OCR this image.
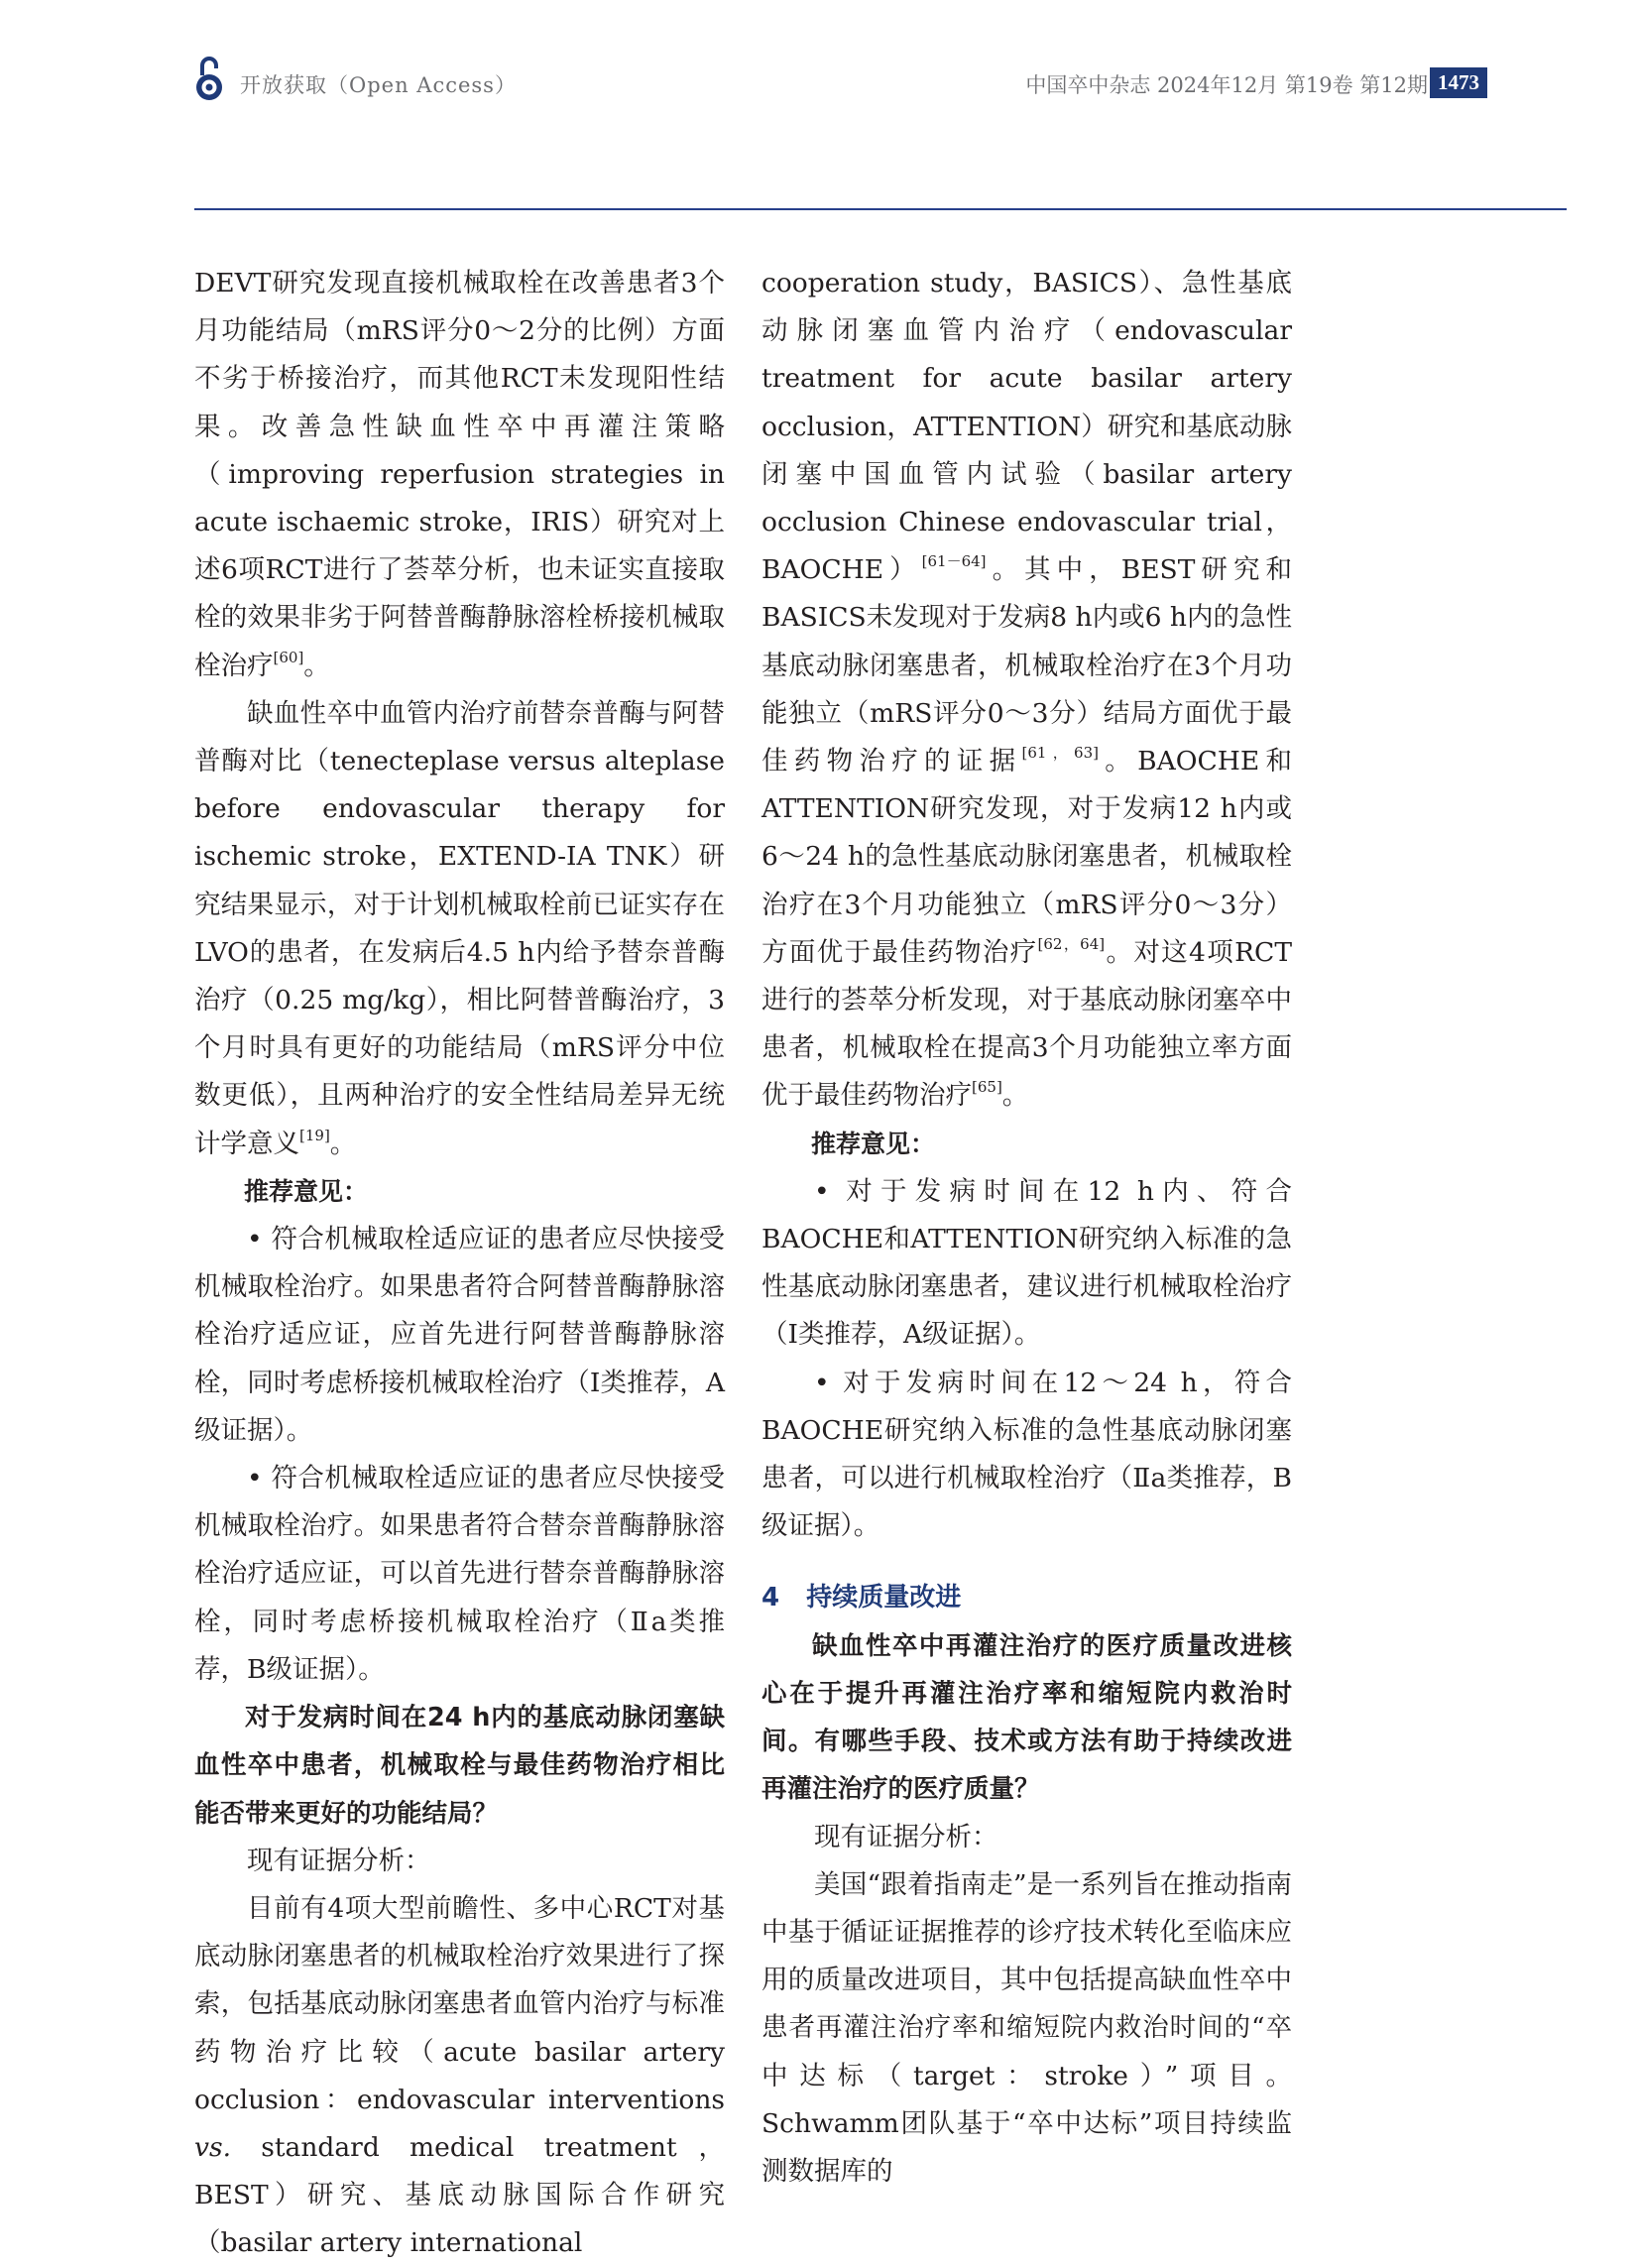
开放获取（Open Access）	中国卒中杂志 2024年12月 第19卷 第12期 1473

DEVT研究发现直接机械取栓在改善患者3个月功能结局（mRS评分0～2分的比例）方面不劣于桥接治疗，而其他RCT未发现阳性结果。改善急性缺血性卒中再灌注策略（improving reperfusion strategies in acute ischaemic stroke，IRIS）研究对上述6项RCT进行了荟萃分析，也未证实直接取栓的效果非劣于阿替普酶静脉溶栓桥接机械取栓治疗[60]。

缺血性卒中血管内治疗前替奈普酶与阿替普酶对比（tenecteplase versus alteplase before endovascular therapy for ischemic stroke，EXTEND-IA TNK）研究结果显示，对于计划机械取栓前已证实存在LVO的患者，在发病后4.5 h内给予替奈普酶治疗（0.25 mg/kg），相比阿替普酶治疗，3个月时具有更好的功能结局（mRS评分中位数更低），且两种治疗的安全性结局差异无统计学意义[19]。

推荐意见：

• 符合机械取栓适应证的患者应尽快接受机械取栓治疗。如果患者符合阿替普酶静脉溶栓治疗适应证，应首先进行阿替普酶静脉溶栓，同时考虑桥接机械取栓治疗（Ⅰ类推荐，A级证据）。

• 符合机械取栓适应证的患者应尽快接受机械取栓治疗。如果患者符合替奈普酶静脉溶栓治疗适应证，可以首先进行替奈普酶静脉溶栓，同时考虑桥接机械取栓治疗（Ⅱa类推荐，B级证据）。

对于发病时间在24 h内的基底动脉闭塞缺血性卒中患者，机械取栓与最佳药物治疗相比能否带来更好的功能结局？

现有证据分析：

目前有4项大型前瞻性、多中心RCT对基底动脉闭塞患者的机械取栓治疗效果进行了探索，包括基底动脉闭塞患者血管内治疗与标准药物治疗比较（acute basilar artery occlusion：endovascular interventions vs. standard medical treatment，BEST）研究、基底动脉国际合作研究（basilar artery international

cooperation study，BASICS）、急性基底动脉闭塞血管内治疗（endovascular treatment for acute basilar artery occlusion，ATTENTION）研究和基底动脉闭塞中国血管内试验（basilar artery occlusion Chinese endovascular trial，BAOCHE）[61－64]。其中，BEST研究和BASICS未发现对于发病8 h内或6 h内的急性基底动脉闭塞患者，机械取栓治疗在3个月功能独立（mRS评分0～3分）结局方面优于最佳药物治疗的证据[61，63]。BAOCHE和ATTENTION研究发现，对于发病12 h内或6～24 h的急性基底动脉闭塞患者，机械取栓治疗在3个月功能独立（mRS评分0～3分）方面优于最佳药物治疗[62，64]。对这4项RCT进行的荟萃分析发现，对于基底动脉闭塞卒中患者，机械取栓在提高3个月功能独立率方面优于最佳药物治疗[65]。

推荐意见：

• 对于发病时间在12 h内、符合BAOCHE和ATTENTION研究纳入标准的急性基底动脉闭塞患者，建议进行机械取栓治疗（Ⅰ类推荐，A级证据）。

• 对于发病时间在12～24 h，符合BAOCHE研究纳入标准的急性基底动脉闭塞患者，可以进行机械取栓治疗（Ⅱa类推荐，B级证据）。

4 持续质量改进

缺血性卒中再灌注治疗的医疗质量改进核心在于提升再灌注治疗率和缩短院内救治时间。有哪些手段、技术或方法有助于持续改进再灌注治疗的医疗质量？

现有证据分析：

美国“跟着指南走”是一系列旨在推动指南中基于循证证据推荐的诊疗技术转化至临床应用的质量改进项目，其中包括提高缺血性卒中患者再灌注治疗率和缩短院内救治时间的“卒中达标（target：stroke）”项目。Schwamm团队基于“卒中达标”项目持续监测数据库的
